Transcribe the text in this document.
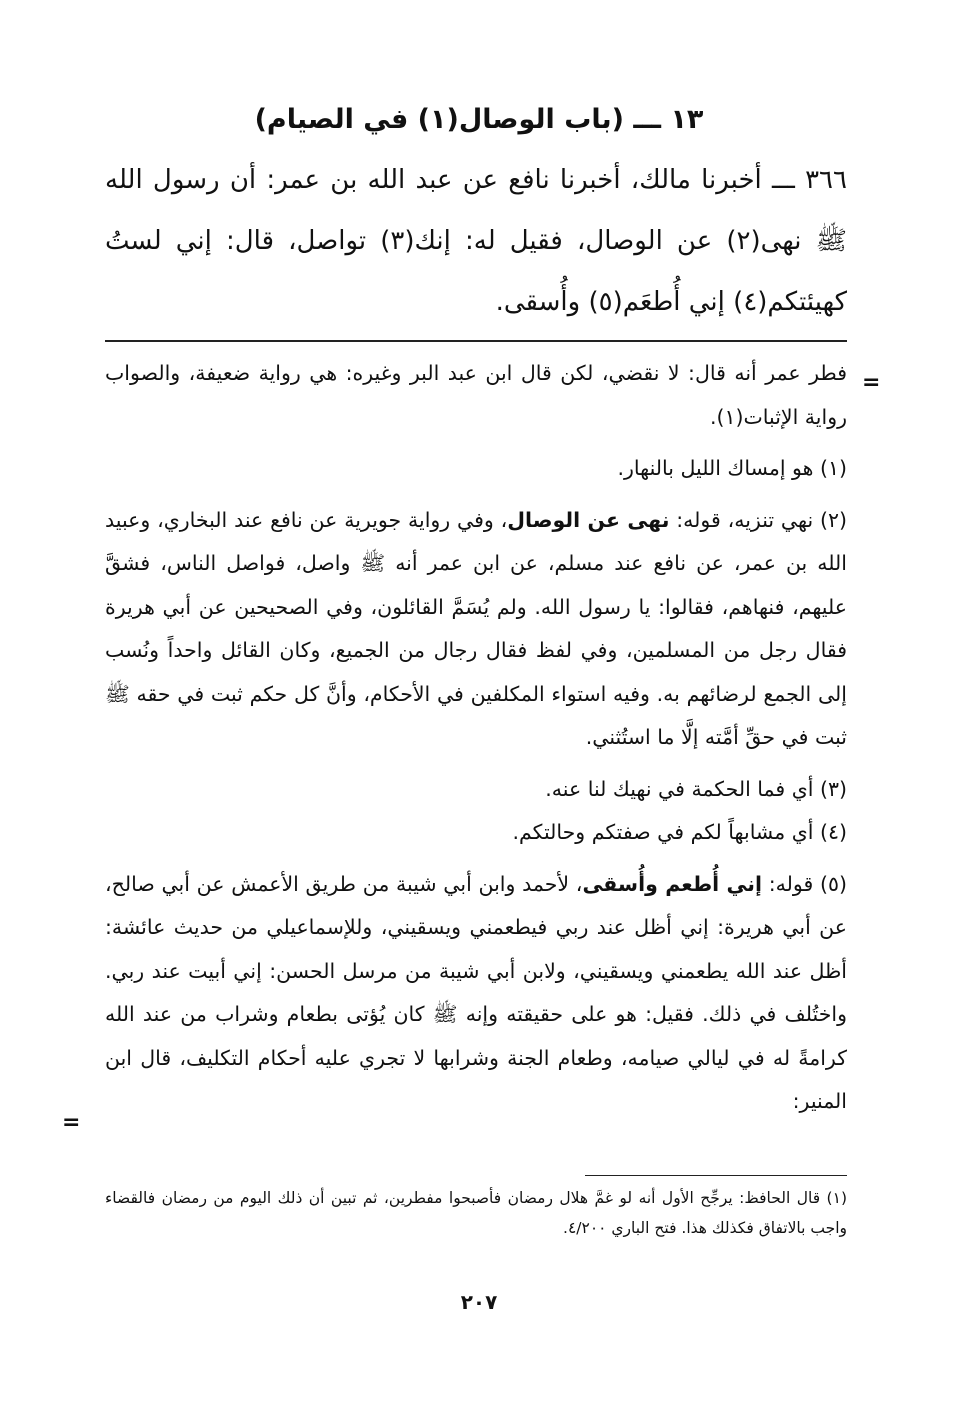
١٣ ـــ (باب الوصال(١) في الصيام)

٣٦٦ ـــ أخبرنا مالك، أخبرنا نافع عن عبد الله بن عمر: أن رسول الله ﷺ نهى(٢) عن الوصال، فقيل له: إنك(٣) تواصل، قال: إني لستُ كهيئتكم(٤) إني أُطعَم(٥) وأُسقى.

=

فطر عمر أنه قال: لا نقضي، لكن قال ابن عبد البر وغيره: هي رواية ضعيفة، والصواب رواية الإثبات(١).

(١) هو إمساك الليل بالنهار.

(٢) نهي تنزيه، قوله: نهى عن الوصال، وفي رواية جويرية عن نافع عند البخاري، وعبيد الله بن عمر، عن نافع عند مسلم، عن ابن عمر أنه ﷺ واصل، فواصل الناس، فشقَّ عليهم، فنهاهم، فقالوا: يا رسول الله. ولم يُسَمَّ القائلون، وفي الصحيحين عن أبي هريرة فقال رجل من المسلمين، وفي لفظ فقال رجال من الجميع، وكان القائل واحداً ونُسب إلى الجمع لرضائهم به. وفيه استواء المكلفين في الأحكام، وأنَّ كل حكم ثبت في حقه ﷺ ثبت في حقِّ أمَّته إلَّا ما استُثني.

(٣) أي فما الحكمة في نهيك لنا عنه.

(٤) أي مشابهاً لكم في صفتكم وحالتكم.

(٥) قوله: إني أُطعم وأُسقى، لأحمد وابن أبي شيبة من طريق الأعمش عن أبي صالح، عن أبي هريرة: إني أظل عند ربي فيطعمني ويسقيني، وللإسماعيلي من حديث عائشة: أظل عند الله يطعمني ويسقيني، ولابن أبي شيبة من مرسل الحسن: إني أبيت عند ربي. واختُلف في ذلك. فقيل: هو على حقيقته وإنه ﷺ كان يُؤتى بطعام وشراب من عند الله كرامةً له في ليالي صيامه، وطعام الجنة وشرابها لا تجري عليه أحكام التكليف، قال ابن المنير:

=

(١) قال الحافظ: يرجِّح الأول أنه لو غمَّ هلال رمضان فأصبحوا مفطرين، ثم تبين أن ذلك اليوم من رمضان فالقضاء واجب بالاتفاق فكذلك هذا. فتح الباري ٤/٢٠٠.

٢٠٧
